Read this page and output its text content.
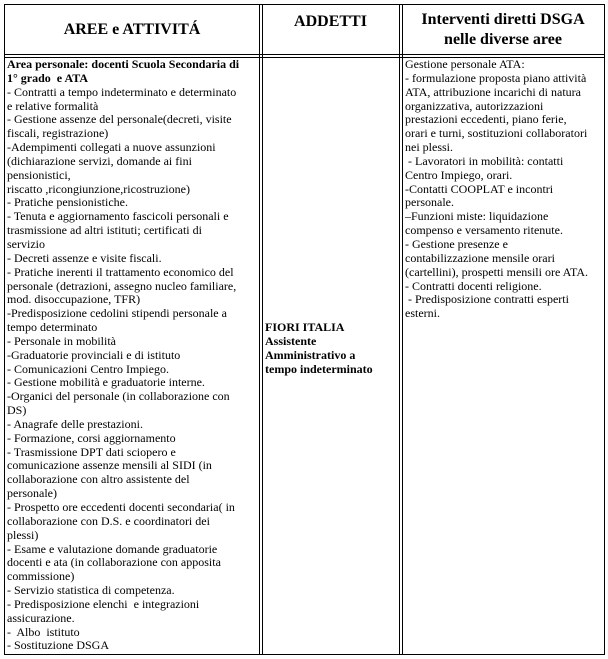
AREE e ATTIVITÁ	ADDETTI	Interventi diretti DSGA
nelle diverse aree
Area personale: docenti Scuola Secondaria di
1° grado  e ATA
- Contratti a tempo indeterminato e determinato
e relative formalità
- Gestione assenze del personale(decreti, visite
fiscali, registrazione)
-Adempimenti collegati a nuove assunzioni
(dichiarazione servizi, domande ai fini
pensionistici,
riscatto ,ricongiunzione,ricostruzione)
- Pratiche pensionistiche.
- Tenuta e aggiornamento fascicoli personali e
trasmissione ad altri istituti; certificati di
servizio
- Decreti assenze e visite fiscali.
- Pratiche inerenti il trattamento economico del
personale (detrazioni, assegno nucleo familiare,
mod. disoccupazione, TFR)
-Predisposizione cedolini stipendi personale a
tempo determinato
- Personale in mobilità
-Graduatorie provinciali e di istituto
- Comunicazioni Centro Impiego.
- Gestione mobilità e graduatorie interne.
-Organici del personale (in collaborazione con
DS)
- Anagrafe delle prestazioni.
- Formazione, corsi aggiornamento
- Trasmissione DPT dati sciopero e
comunicazione assenze mensili al SIDI (in
collaborazione con altro assistente del
personale)
- Prospetto ore eccedenti docenti secondaria( in
collaborazione con D.S. e coordinatori dei
plessi)
- Esame e valutazione domande graduatorie
docenti e ata (in collaborazione con apposita
commissione)
- Servizio statistica di competenza.
- Predisposizione elenchi  e integrazioni
assicurazione.
-  Albo  istituto
- Sostituzione DSGA
FIORI ITALIA
Assistente
Amministrativo a
tempo indeterminato
Gestione personale ATA:
- formulazione proposta piano attività
ATA, attribuzione incarichi di natura
organizzativa, autorizzazioni
prestazioni eccedenti, piano ferie,
orari e turni, sostituzioni collaboratori
nei plessi.
- Lavoratori in mobilità: contatti
Centro Impiego, orari.
-Contatti COOPLAT e incontri
personale.
–Funzioni miste: liquidazione
compenso e versamento ritenute.
- Gestione presenze e
contabilizzazione mensile orari
(cartellini), prospetti mensili ore ATA.
- Contratti docenti religione.
- Predisposizione contratti esperti
esterni.
